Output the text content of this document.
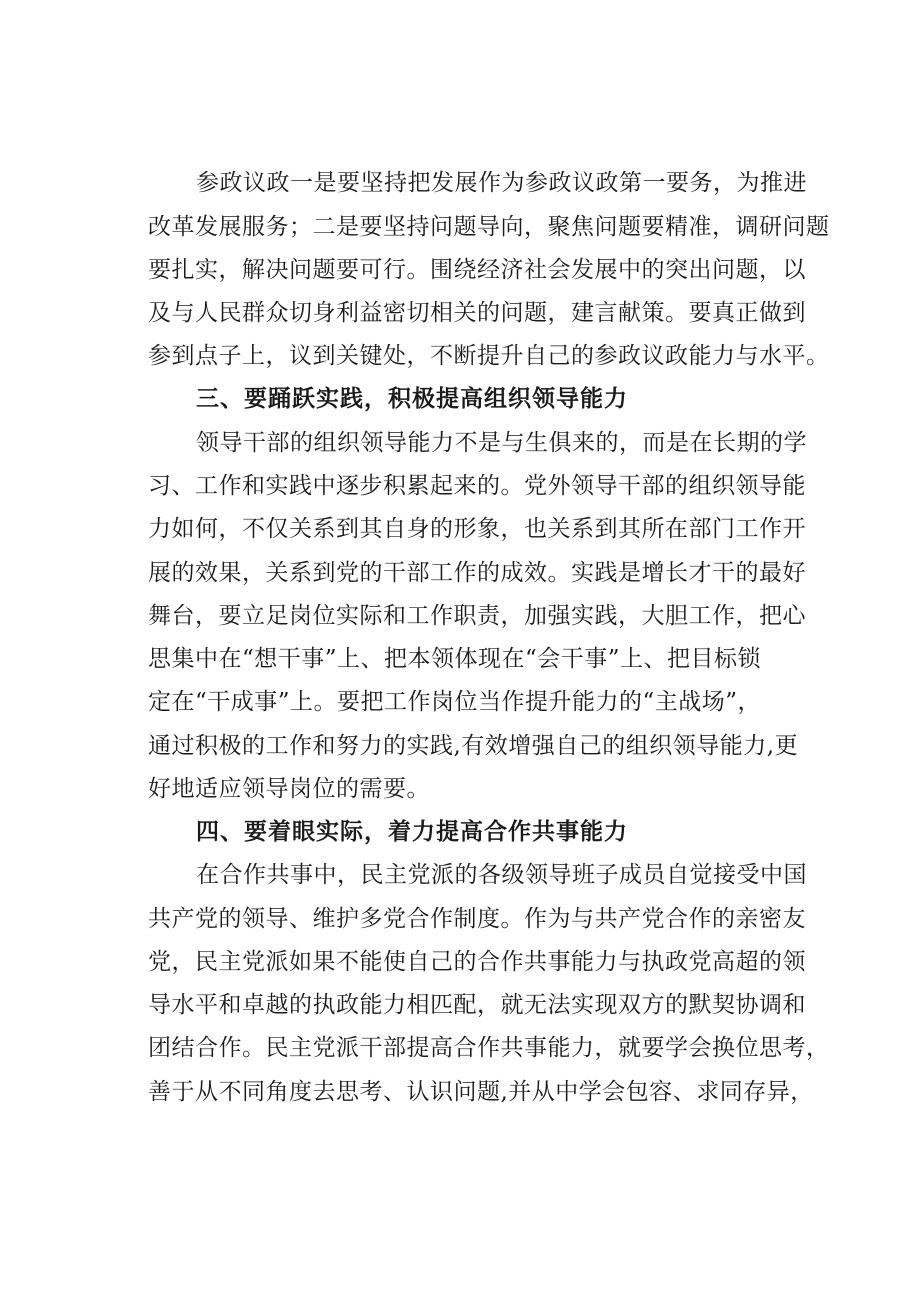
参政议政一是要坚持把发展作为参政议政第一要务，为推进
改革发展服务；二是要坚持问题导向，聚焦问题要精准，调研问题
要扎实，解决问题要可行。围绕经济社会发展中的突出问题，以
及与人民群众切身利益密切相关的问题，建言献策。要真正做到
参到点子上，议到关键处，不断提升自己的参政议政能力与水平。
三、要踊跃实践，积极提高组织领导能力
领导干部的组织领导能力不是与生俱来的，而是在长期的学
习、工作和实践中逐步积累起来的。党外领导干部的组织领导能
力如何，不仅关系到其自身的形象，也关系到其所在部门工作开
展的效果，关系到党的干部工作的成效。实践是增长才干的最好
舞台，要立足岗位实际和工作职责，加强实践，大胆工作，把心
思集中在“想干事”上、把本领体现在“会干事”上、把目标锁
定在“干成事”上。要把工作岗位当作提升能力的“主战场”，
通过积极的工作和努力的实践,有效增强自己的组织领导能力,更
好地适应领导岗位的需要。
四、要着眼实际，着力提高合作共事能力
在合作共事中，民主党派的各级领导班子成员自觉接受中国
共产党的领导、维护多党合作制度。作为与共产党合作的亲密友
党，民主党派如果不能使自己的合作共事能力与执政党高超的领
导水平和卓越的执政能力相匹配，就无法实现双方的默契协调和
团结合作。民主党派干部提高合作共事能力，就要学会换位思考，
善于从不同角度去思考、认识问题,并从中学会包容、求同存异，
